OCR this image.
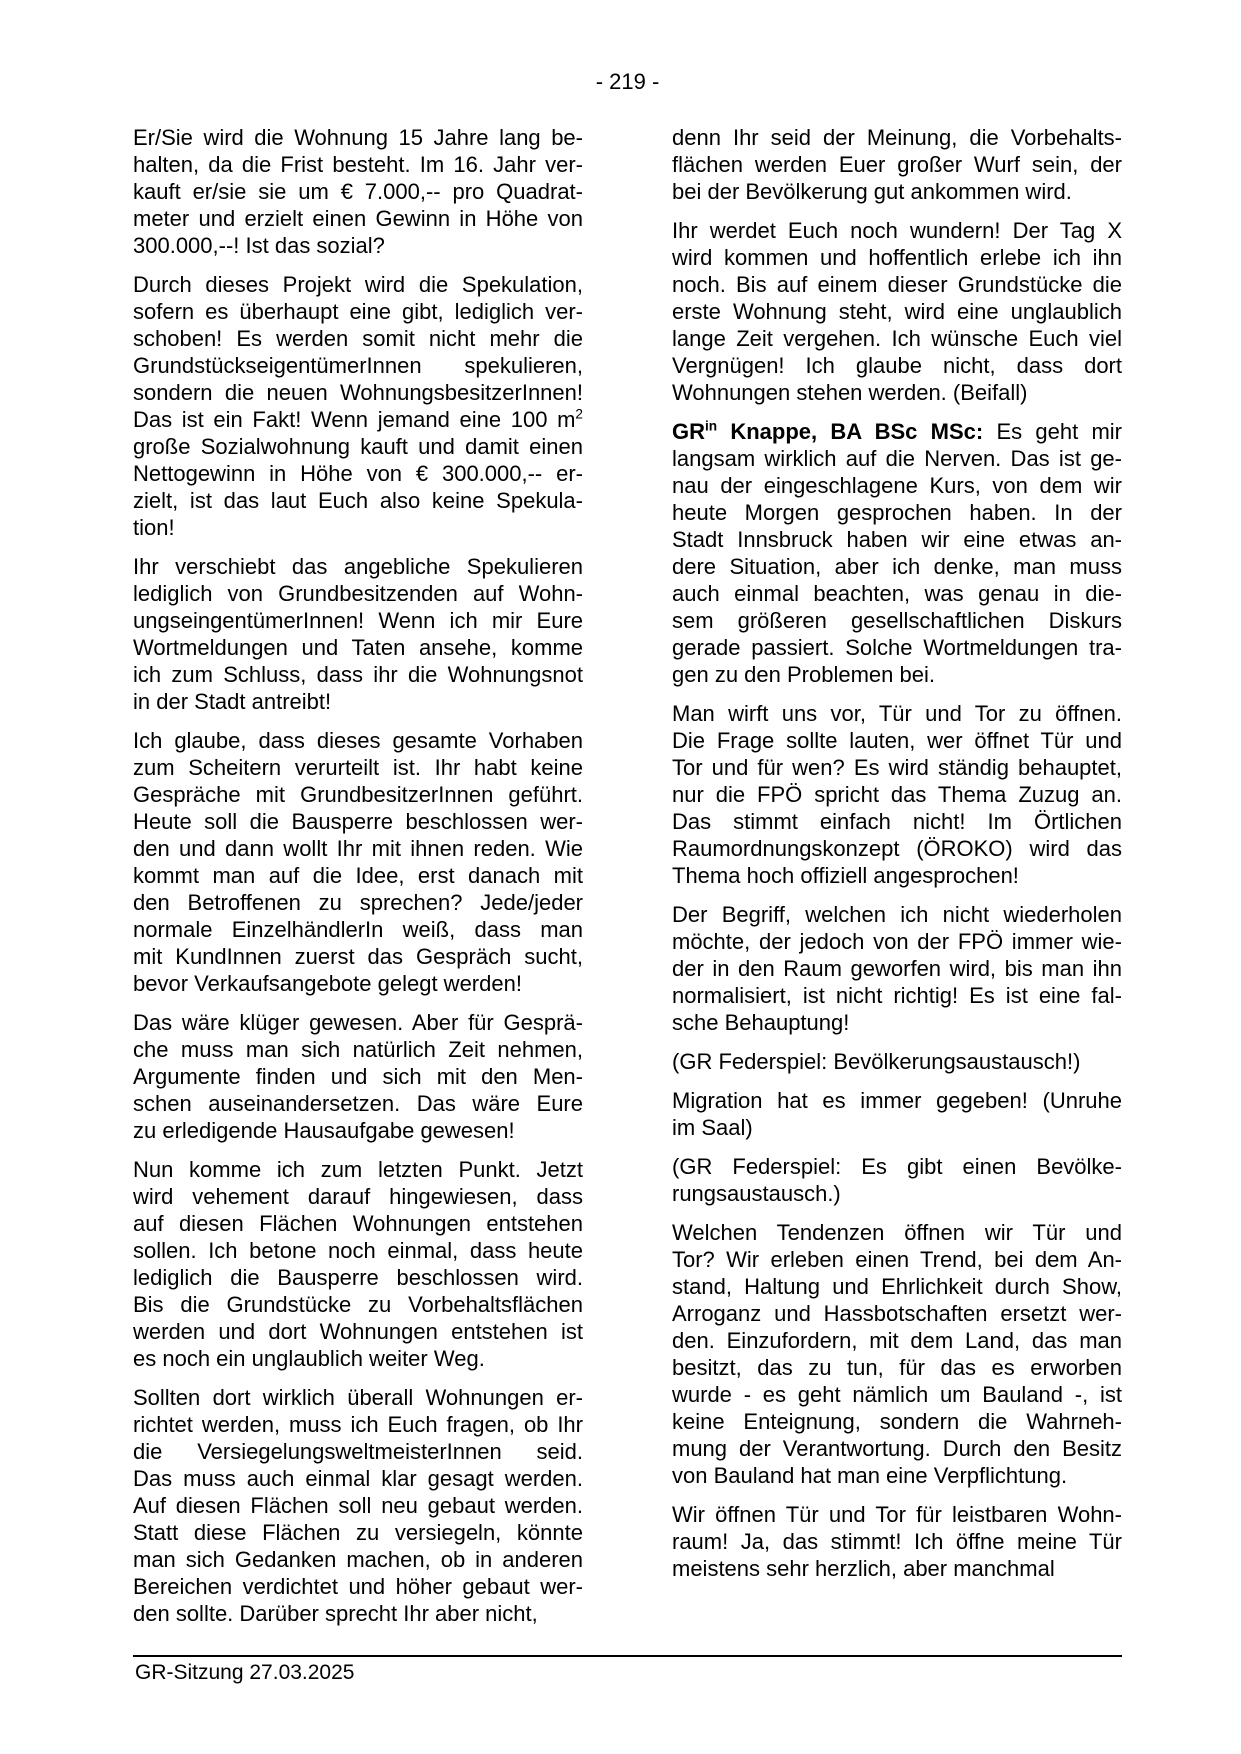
- 219 -
Er/Sie wird die Wohnung 15 Jahre lang be-
halten, da die Frist besteht. Im 16. Jahr ver-
kauft er/sie sie um € 7.000,-- pro Quadrat-
meter und erzielt einen Gewinn in Höhe von
300.000,--! Ist das sozial?
Durch dieses Projekt wird die Spekulation,
sofern es überhaupt eine gibt, lediglich ver-
schoben! Es werden somit nicht mehr die
GrundstückseigentümerInnen spekulieren,
sondern die neuen WohnungsbesitzerInnen!
Das ist ein Fakt! Wenn jemand eine 100 $m^2$
große Sozialwohnung kauft und damit einen
Nettogewinn in Höhe von € 300.000,-- er-
zielt, ist das laut Euch also keine Spekula-
tion!
Ihr verschiebt das angebliche Spekulieren
lediglich von Grundbesitzenden auf Wohn-
ungseingentümerInnen! Wenn ich mir Eure
Wortmeldungen und Taten ansehe, komme
ich zum Schluss, dass ihr die Wohnungsnot
in der Stadt antreibt!
Ich glaube, dass dieses gesamte Vorhaben
zum Scheitern verurteilt ist. Ihr habt keine
Gespräche mit GrundbesitzerInnen geführt.
Heute soll die Bausperre beschlossen wer-
den und dann wollt Ihr mit ihnen reden. Wie
kommt man auf die Idee, erst danach mit
den Betroffenen zu sprechen? Jede/jeder
normale EinzelhändlerIn weiß, dass man
mit KundInnen zuerst das Gespräch sucht,
bevor Verkaufsangebote gelegt werden!
Das wäre klüger gewesen. Aber für Gesprä-
che muss man sich natürlich Zeit nehmen,
Argumente finden und sich mit den Men-
schen auseinandersetzen. Das wäre Eure
zu erledigende Hausaufgabe gewesen!
Nun komme ich zum letzten Punkt. Jetzt
wird vehement darauf hingewiesen, dass
auf diesen Flächen Wohnungen entstehen
sollen. Ich betone noch einmal, dass heute
lediglich die Bausperre beschlossen wird.
Bis die Grundstücke zu Vorbehaltsflächen
werden und dort Wohnungen entstehen ist
es noch ein unglaublich weiter Weg.
Sollten dort wirklich überall Wohnungen er-
richtet werden, muss ich Euch fragen, ob Ihr
die VersiegelungsweltmeisterInnen seid.
Das muss auch einmal klar gesagt werden.
Auf diesen Flächen soll neu gebaut werden.
Statt diese Flächen zu versiegeln, könnte
man sich Gedanken machen, ob in anderen
Bereichen verdichtet und höher gebaut wer-
den sollte. Darüber sprecht Ihr aber nicht,
denn Ihr seid der Meinung, die Vorbehalts-
flächen werden Euer großer Wurf sein, der
bei der Bevölkerung gut ankommen wird.
Ihr werdet Euch noch wundern! Der Tag X
wird kommen und hoffentlich erlebe ich ihn
noch. Bis auf einem dieser Grundstücke die
erste Wohnung steht, wird eine unglaublich
lange Zeit vergehen. Ich wünsche Euch viel
Vergnügen! Ich glaube nicht, dass dort
Wohnungen stehen werden. (Beifall)
$GR^{in}$ Knappe, BA BSc MSc: Es geht mir
langsam wirklich auf die Nerven. Das ist ge-
nau der eingeschlagene Kurs, von dem wir
heute Morgen gesprochen haben. In der
Stadt Innsbruck haben wir eine etwas an-
dere Situation, aber ich denke, man muss
auch einmal beachten, was genau in die-
sem größeren gesellschaftlichen Diskurs
gerade passiert. Solche Wortmeldungen tra-
gen zu den Problemen bei.
Man wirft uns vor, Tür und Tor zu öffnen.
Die Frage sollte lauten, wer öffnet Tür und
Tor und für wen? Es wird ständig behauptet,
nur die FPÖ spricht das Thema Zuzug an.
Das stimmt einfach nicht! Im Örtlichen
Raumordnungskonzept (ÖROKO) wird das
Thema hoch offiziell angesprochen!
Der Begriff, welchen ich nicht wiederholen
möchte, der jedoch von der FPÖ immer wie-
der in den Raum geworfen wird, bis man ihn
normalisiert, ist nicht richtig! Es ist eine fal-
sche Behauptung!
(GR Federspiel: Bevölkerungsaustausch!)
Migration hat es immer gegeben! (Unruhe
im Saal)
(GR Federspiel: Es gibt einen Bevölke-
rungsaustausch.)
Welchen Tendenzen öffnen wir Tür und
Tor? Wir erleben einen Trend, bei dem An-
stand, Haltung und Ehrlichkeit durch Show,
Arroganz und Hassbotschaften ersetzt wer-
den. Einzufordern, mit dem Land, das man
besitzt, das zu tun, für das es erworben
wurde - es geht nämlich um Bauland -, ist
keine Enteignung, sondern die Wahrneh-
mung der Verantwortung. Durch den Besitz
von Bauland hat man eine Verpflichtung.
Wir öffnen Tür und Tor für leistbaren Wohn-
raum! Ja, das stimmt! Ich öffne meine Tür
meistens sehr herzlich, aber manchmal
GR-Sitzung 27.03.2025
